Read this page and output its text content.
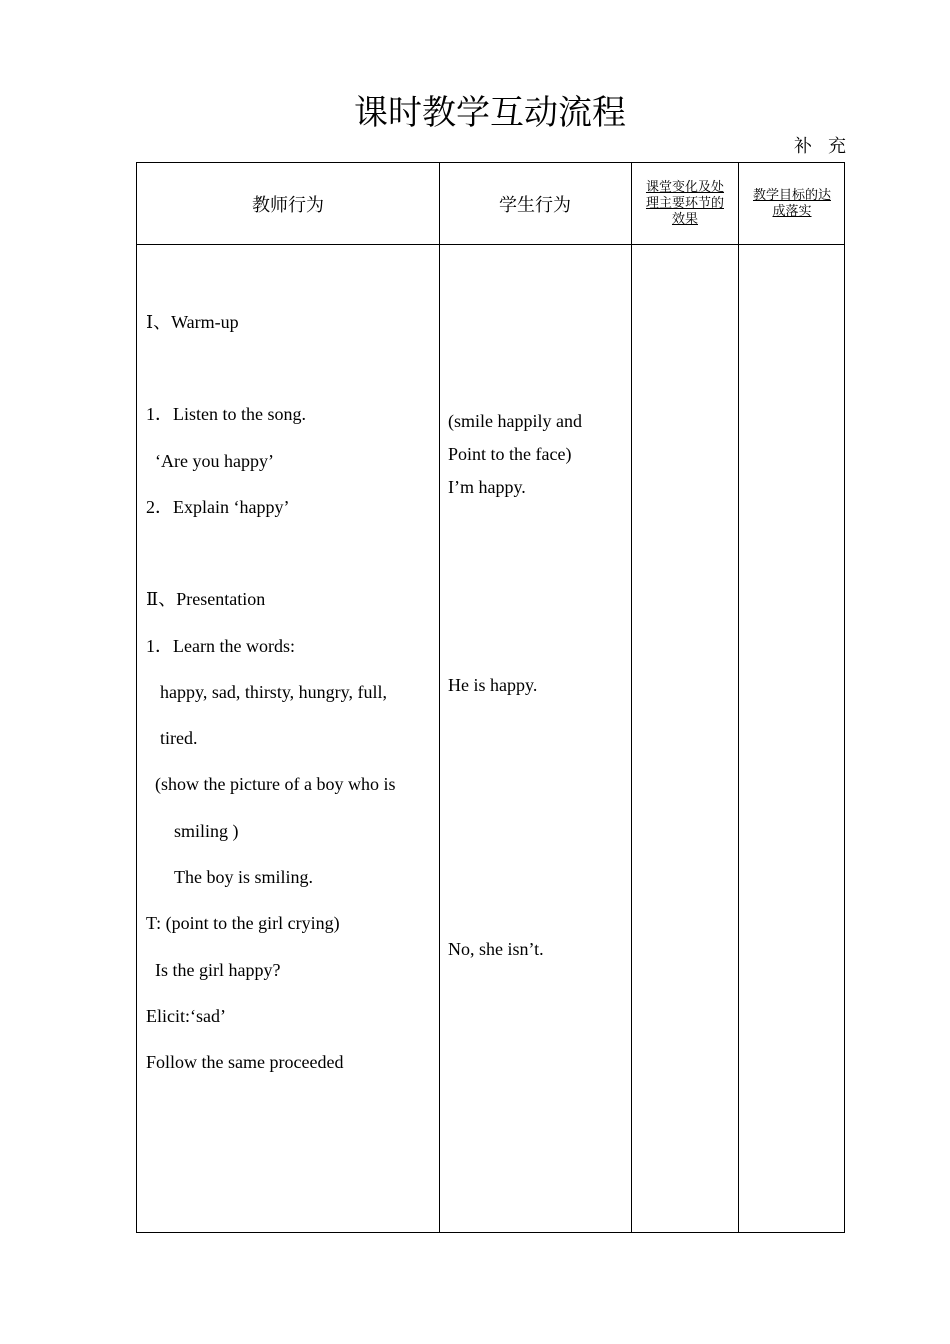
课时教学互动流程
补充
教师行为	学生行为
课堂变化及处理主要环节的效果
教学目标的达成落实
Ⅰ、Warm-up
1．Listen to the song.
‘Are you happy’
2．Explain ‘happy’
Ⅱ、Presentation
1．Learn the words:
happy, sad, thirsty, hungry, full,
tired.
(show the picture of a boy who is
smiling )
The boy is smiling.
T: (point to the girl crying)
Is the girl happy?
Elicit:‘sad’
Follow the same proceeded
(smile happily and
Point to the face)
I’m happy.
He is happy.
No, she isn’t.
